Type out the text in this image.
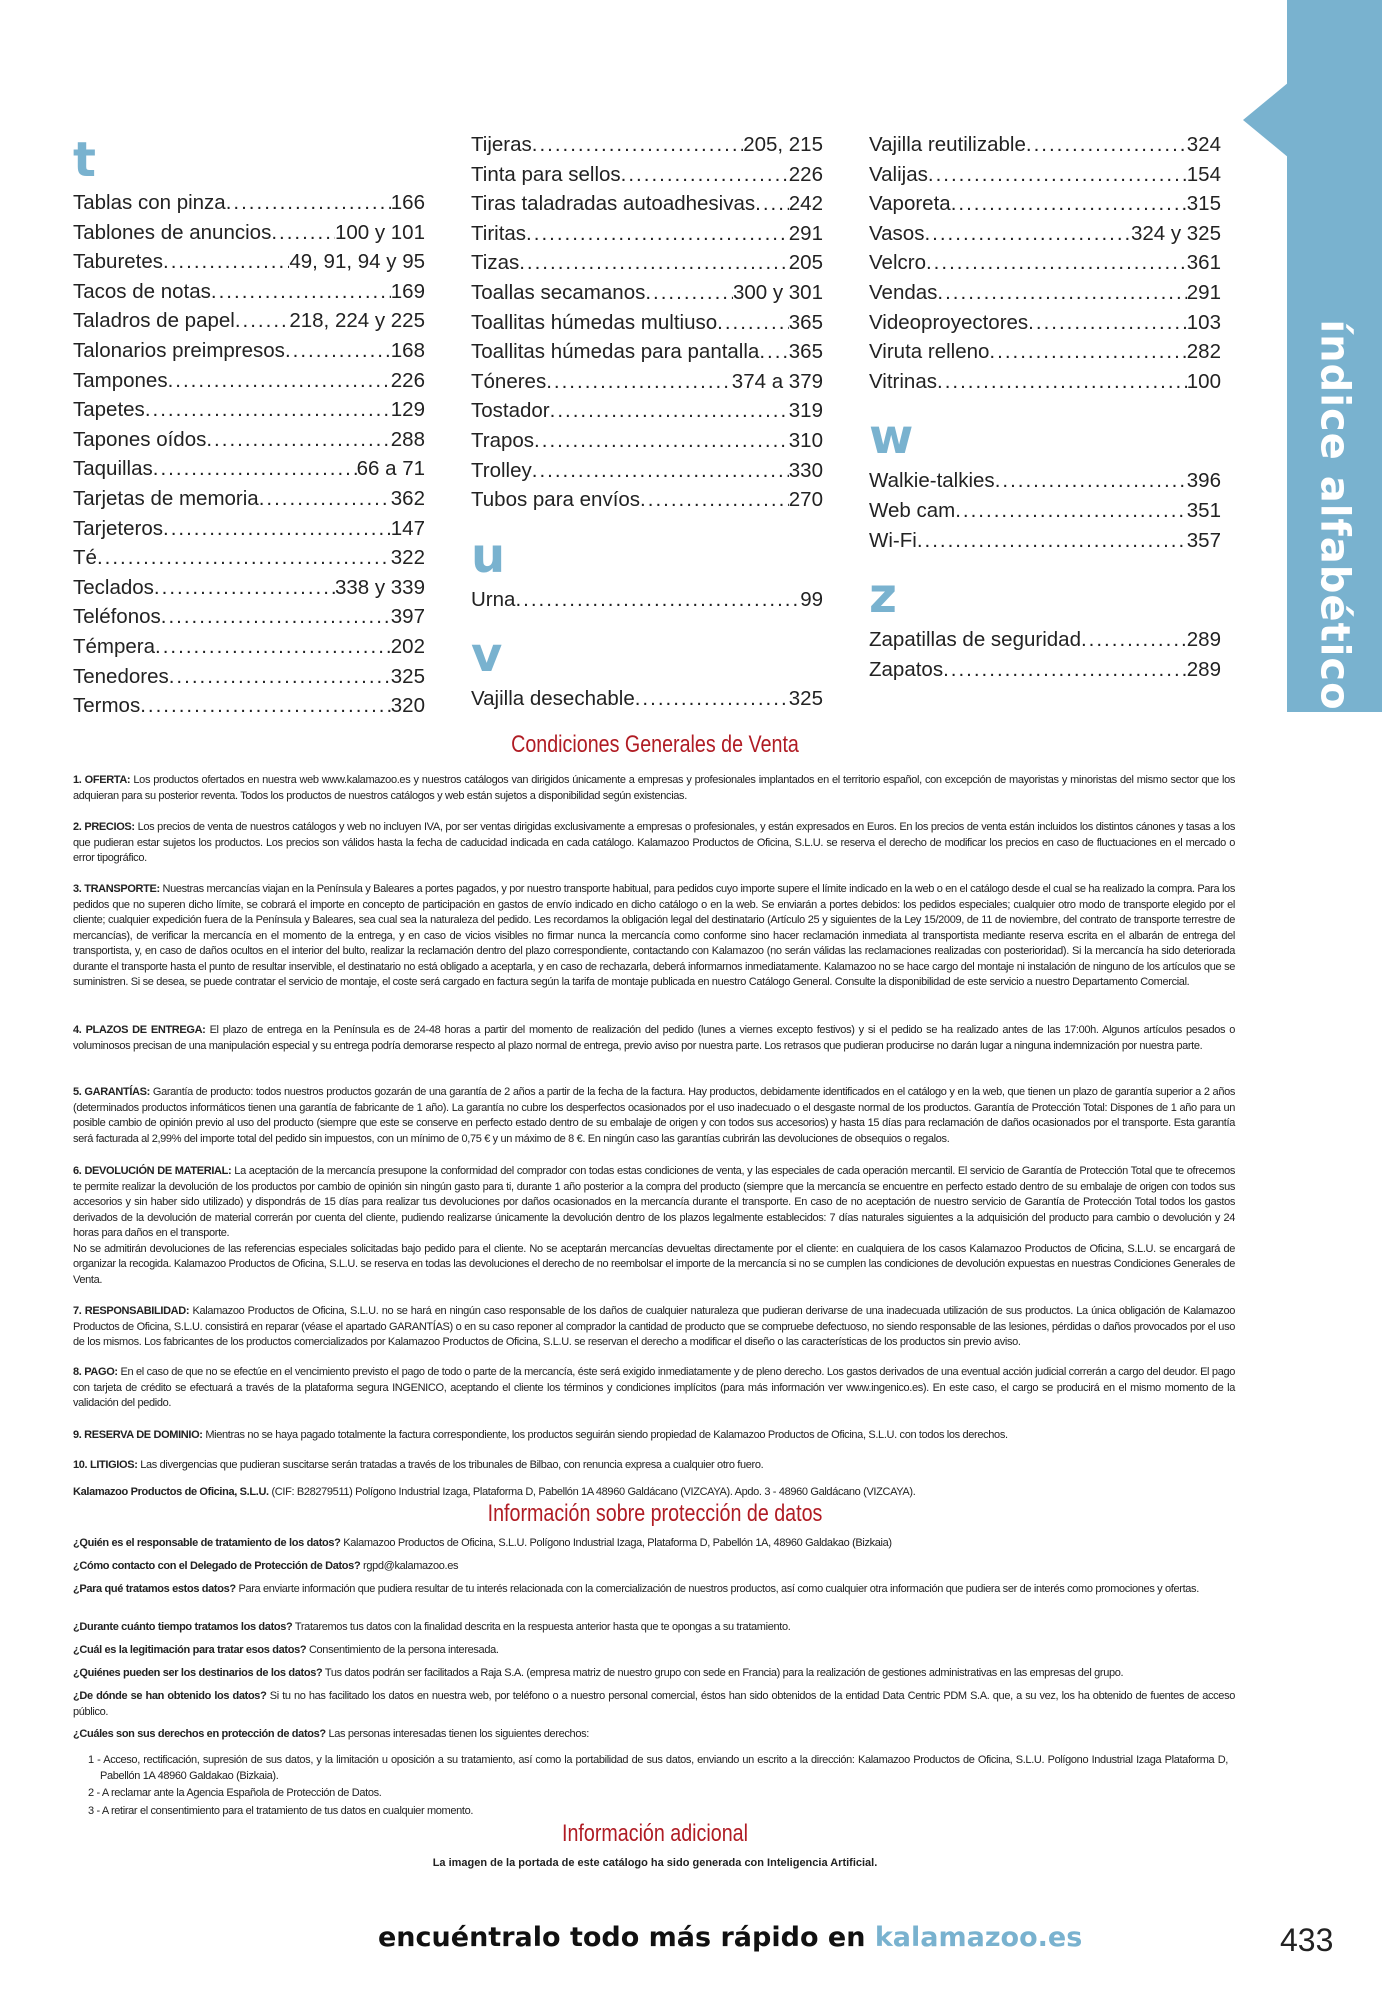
índice alfabético
t
Tablas con pinza .....	166
Tablones de anuncios .....	100 y 101
Taburetes .....	49, 91, 94 y 95
Tacos de notas .....	169
Taladros de papel .....	218, 224 y 225
Talonarios preimpresos .....	168
Tampones .....	226
Tapetes .....	129
Tapones oídos .....	288
Taquillas .....	66 a 71
Tarjetas de memoria .....	362
Tarjeteros .....	147
Té .....	322
Teclados .....	338 y 339
Teléfonos .....	397
Témpera .....	202
Tenedores .....	325
Termos .....	320
Tijeras .....	205, 215
Tinta para sellos .....	226
Tiras taladradas autoadhesivas ..... 242
Tiritas .....	291
Tizas .....	205
Toallas secamanos .....	300 y 301
Toallitas húmedas multiuso .....	365
Toallitas húmedas para pantalla ..... 365
Tóneres .....	374 a 379
Tostador .....	319
Trapos .....	310
Trolley .....	330
Tubos para envíos .....	270
u
Urna .....	99
v
Vajilla desechable .....	325
Vajilla reutilizable .....	324
Valijas .....	154
Vaporeta .....	315
Vasos .....	324 y 325
Velcro .....	361
Vendas .....	291
Videoproyectores .....	103
Viruta relleno .....	282
Vitrinas .....	100
w
Walkie-talkies .....	396
Web cam .....	351
Wi-Fi .....	357
z
Zapatillas de seguridad .....	289
Zapatos .....	289
Condiciones Generales de Venta
1. OFERTA: Los productos ofertados en nuestra web www.kalamazoo.es y nuestros catálogos van dirigidos únicamente a empresas y profesionales implantados en el territorio español, con excepción de mayoristas y minoristas del mismo sector que los adquieran para su posterior reventa. Todos los productos de nuestros catálogos y web están sujetos a disponibilidad según existencias.
2. PRECIOS: Los precios de venta de nuestros catálogos y web no incluyen IVA, por ser ventas dirigidas exclusivamente a empresas o profesionales, y están expresados en Euros. En los precios de venta están incluidos los distintos cánones y tasas a los que pudieran estar sujetos los productos. Los precios son válidos hasta la fecha de caducidad indicada en cada catálogo. Kalamazoo Productos de Oficina, S.L.U. se reserva el derecho de modificar los precios en caso de fluctuaciones en el mercado o error tipográfico.
3. TRANSPORTE: Nuestras mercancías viajan en la Península y Baleares a portes pagados, y por nuestro transporte habitual, para pedidos cuyo importe supere el límite indicado en la web o en el catálogo desde el cual se ha realizado la compra. Para los pedidos que no superen dicho límite, se cobrará el importe en concepto de participación en gastos de envío indicado en dicho catálogo o en la web. Se enviarán a portes debidos: los pedidos especiales; cualquier otro modo de transporte elegido por el cliente; cualquier expedición fuera de la Península y Baleares, sea cual sea la naturaleza del pedido. Les recordamos la obligación legal del destinatario (Artículo 25 y siguientes de la Ley 15/2009, de 11 de noviembre, del contrato de transporte terrestre de mercancías), de verificar la mercancía en el momento de la entrega, y en caso de vicios visibles no firmar nunca la mercancía como conforme sino hacer reclamación inmediata al transportista mediante reserva escrita en el albarán de entrega del transportista, y, en caso de daños ocultos en el interior del bulto, realizar la reclamación dentro del plazo correspondiente, contactando con Kalamazoo (no serán válidas las reclamaciones realizadas con posterioridad). Si la mercancía ha sido deteriorada durante el transporte hasta el punto de resultar inservible, el destinatario no está obligado a aceptarla, y en caso de rechazarla, deberá informarnos inmediatamente. Kalamazoo no se hace cargo del montaje ni instalación de ninguno de los artículos que se suministren. Si se desea, se puede contratar el servicio de montaje, el coste será cargado en factura según la tarifa de montaje publicada en nuestro Catálogo General. Consulte la disponibilidad de este servicio a nuestro Departamento Comercial.
4. PLAZOS DE ENTREGA: El plazo de entrega en la Península es de 24-48 horas a partir del momento de realización del pedido (lunes a viernes excepto festivos) y si el pedido se ha realizado antes de las 17:00h. Algunos artículos pesados o voluminosos precisan de una manipulación especial y su entrega podría demorarse respecto al plazo normal de entrega, previo aviso por nuestra parte. Los retrasos que pudieran producirse no darán lugar a ninguna indemnización por nuestra parte.
5. GARANTÍAS: Garantía de producto: todos nuestros productos gozarán de una garantía de 2 años a partir de la fecha de la factura. Hay productos, debidamente identificados en el catálogo y en la web, que tienen un plazo de garantía superior a 2 años (determinados productos informáticos tienen una garantía de fabricante de 1 año). La garantía no cubre los desperfectos ocasionados por el uso inadecuado o el desgaste normal de los productos. Garantía de Protección Total: Dispones de 1 año para un posible cambio de opinión previo al uso del producto (siempre que este se conserve en perfecto estado dentro de su embalaje de origen y con todos sus accesorios) y hasta 15 días para reclamación de daños ocasionados por el transporte. Esta garantía será facturada al 2,99% del importe total del pedido sin impuestos, con un mínimo de 0,75 € y un máximo de 8 €. En ningún caso las garantías cubrirán las devoluciones de obsequios o regalos.
6. DEVOLUCIÓN DE MATERIAL: La aceptación de la mercancía presupone la conformidad del comprador con todas estas condiciones de venta, y las especiales de cada operación mercantil. El servicio de Garantía de Protección Total que te ofrecemos te permite realizar la devolución de los productos por cambio de opinión sin ningún gasto para ti, durante 1 año posterior a la compra del producto (siempre que la mercancía se encuentre en perfecto estado dentro de su embalaje de origen con todos sus accesorios y sin haber sido utilizado) y dispondrás de 15 días para realizar tus devoluciones por daños ocasionados en la mercancía durante el transporte. En caso de no aceptación de nuestro servicio de Garantía de Protección Total todos los gastos derivados de la devolución de material correrán por cuenta del cliente, pudiendo realizarse únicamente la devolución dentro de los plazos legalmente establecidos: 7 días naturales siguientes a la adquisición del producto para cambio o devolución y 24 horas para daños en el transporte.
No se admitirán devoluciones de las referencias especiales solicitadas bajo pedido para el cliente. No se aceptarán mercancías devueltas directamente por el cliente: en cualquiera de los casos Kalamazoo Productos de Oficina, S.L.U. se encargará de organizar la recogida. Kalamazoo Productos de Oficina, S.L.U. se reserva en todas las devoluciones el derecho de no reembolsar el importe de la mercancía si no se cumplen las condiciones de devolución expuestas en nuestras Condiciones Generales de Venta.
7. RESPONSABILIDAD: Kalamazoo Productos de Oficina, S.L.U. no se hará en ningún caso responsable de los daños de cualquier naturaleza que pudieran derivarse de una inadecuada utilización de sus productos. La única obligación de Kalamazoo Productos de Oficina, S.L.U. consistirá en reparar (véase el apartado GARANTÍAS) o en su caso reponer al comprador la cantidad de producto que se compruebe defectuoso, no siendo responsable de las lesiones, pérdidas o daños provocados por el uso de los mismos. Los fabricantes de los productos comercializados por Kalamazoo Productos de Oficina, S.L.U. se reservan el derecho a modificar el diseño o las características de los productos sin previo aviso.
8. PAGO: En el caso de que no se efectúe en el vencimiento previsto el pago de todo o parte de la mercancía, éste será exigido inmediatamente y de pleno derecho. Los gastos derivados de una eventual acción judicial correrán a cargo del deudor. El pago con tarjeta de crédito se efectuará a través de la plataforma segura INGENICO, aceptando el cliente los términos y condiciones implícitos (para más información ver www.ingenico.es). En este caso, el cargo se producirá en el mismo momento de la validación del pedido.
9. RESERVA DE DOMINIO: Mientras no se haya pagado totalmente la factura correspondiente, los productos seguirán siendo propiedad de Kalamazoo Productos de Oficina, S.L.U. con todos los derechos.
10. LITIGIOS: Las divergencias que pudieran suscitarse serán tratadas a través de los tribunales de Bilbao, con renuncia expresa a cualquier otro fuero.
Kalamazoo Productos de Oficina, S.L.U. (CIF: B28279511) Polígono Industrial Izaga, Plataforma D, Pabellón 1A 48960 Galdácano (VIZCAYA). Apdo. 3 - 48960 Galdácano (VIZCAYA).
Información sobre protección de datos
¿Quién es el responsable de tratamiento de los datos? Kalamazoo Productos de Oficina, S.L.U. Polígono Industrial Izaga, Plataforma D, Pabellón 1A, 48960 Galdakao (Bizkaia)
¿Cómo contacto con el Delegado de Protección de Datos? rgpd@kalamazoo.es
¿Para qué tratamos estos datos? Para enviarte información que pudiera resultar de tu interés relacionada con la comercialización de nuestros productos, así como cualquier otra información que pudiera ser de interés como promociones y ofertas.
¿Durante cuánto tiempo tratamos los datos? Trataremos tus datos con la finalidad descrita en la respuesta anterior hasta que te opongas a su tratamiento.
¿Cuál es la legitimación para tratar esos datos? Consentimiento de la persona interesada.
¿Quiénes pueden ser los destinarios de los datos? Tus datos podrán ser facilitados a Raja S.A. (empresa matriz de nuestro grupo con sede en Francia) para la realización de gestiones administrativas en las empresas del grupo.
¿De dónde se han obtenido los datos? Si tu no has facilitado los datos en nuestra web, por teléfono o a nuestro personal comercial, éstos han sido obtenidos de la entidad Data Centric PDM S.A. que, a su vez, los ha obtenido de fuentes de acceso público.
¿Cuáles son sus derechos en protección de datos? Las personas interesadas tienen los siguientes derechos:
1 - Acceso, rectificación, supresión de sus datos, y la limitación u oposición a su tratamiento, así como la portabilidad de sus datos, enviando un escrito a la dirección: Kalamazoo Productos de Oficina, S.L.U. Polígono Industrial Izaga Plataforma D, Pabellón 1A 48960 Galdakao (Bizkaia).
2 - A reclamar ante la Agencia Española de Protección de Datos.
3 - A retirar el consentimiento para el tratamiento de tus datos en cualquier momento.
Información adicional
La imagen de la portada de este catálogo ha sido generada con Inteligencia Artificial.
encuéntralo todo más rápido en kalamazoo.es	433
